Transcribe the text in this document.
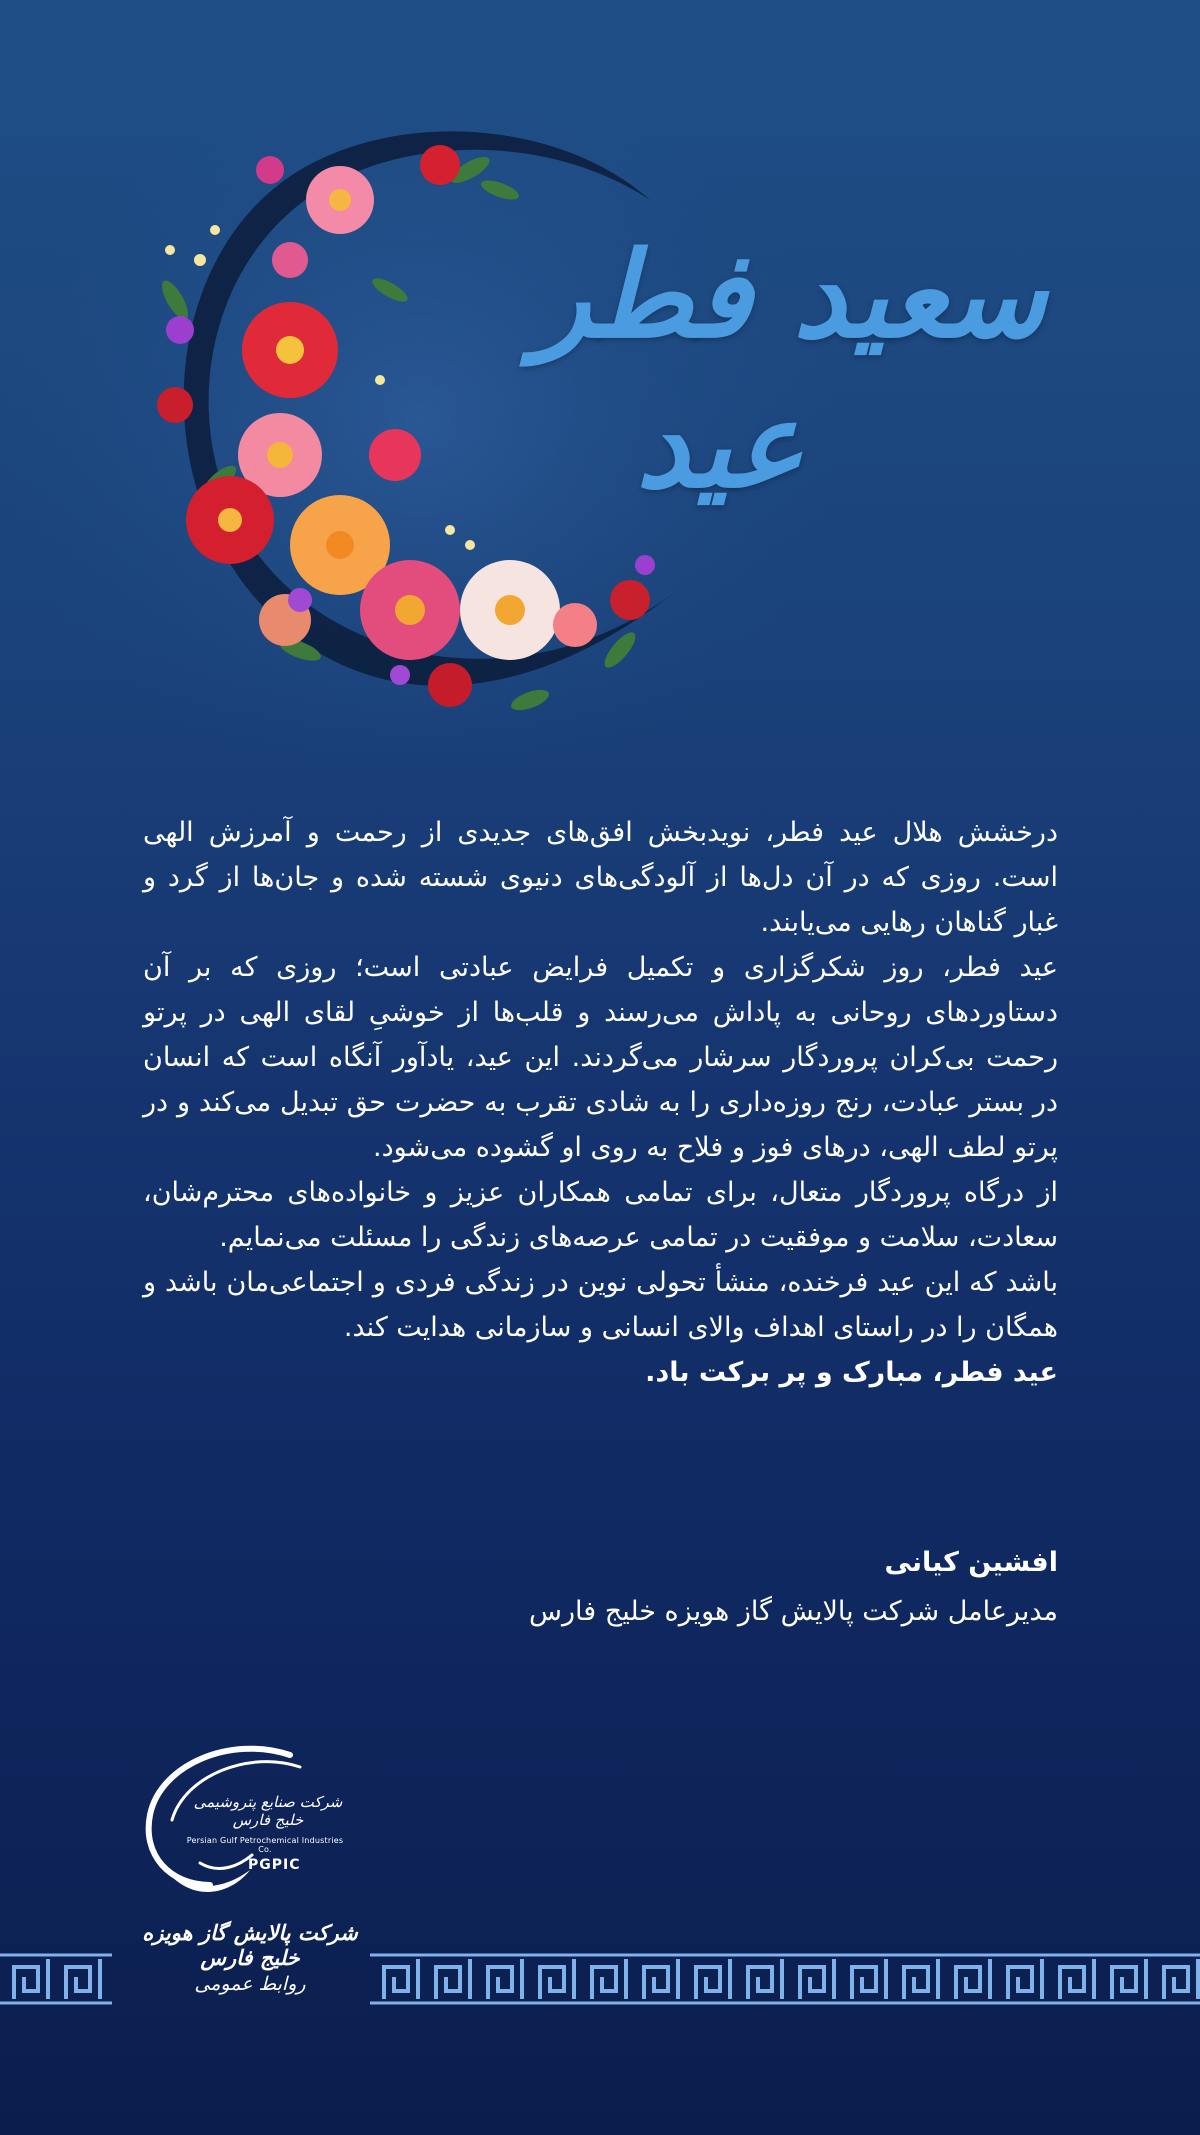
سعید فطر
عید

درخشش هلال عید فطر، نویدبخش افق‌های جدیدی از رحمت و آمرزش الهی است. روزی که در آن دل‌ها از آلودگی‌های دنیوی شسته شده و جان‌ها از گرد و غبار گناهان رهایی می‌یابند.

عید فطر، روز شکرگزاری و تکمیل فرایض عبادتی است؛ روزی که بر آن دستاوردهای روحانی به پاداش می‌رسند و قلب‌ها از خوشیِ لقای الهی در پرتو رحمت بی‌کران پروردگار سرشار می‌گردند. این عید، یادآور آنگاه است که انسان در بستر عبادت، رنج روزه‌داری را به شادی تقرب به حضرت حق تبدیل می‌کند و در پرتو لطف الهی، درهای فوز و فلاح به روی او گشوده می‌شود.

از درگاه پروردگار متعال، برای تمامی همکاران عزیز و خانواده‌های محترم‌شان، سعادت، سلامت و موفقیت در تمامی عرصه‌های زندگی را مسئلت می‌نمایم.

باشد که این عید فرخنده، منشأ تحولی نوین در زندگی فردی و اجتماعی‌مان باشد و همگان را در راستای اهداف والای انسانی و سازمانی هدایت کند.

عید فطر، مبارک و پر برکت باد.

افشین کیانی
مدیرعامل شرکت پالایش گاز هویزه خلیج فارس
شرکت صنایع پتروشیمی خلیج فارس
Persian Gulf Petrochemical Industries Co.
PGPIC
شرکت پالایش گاز هویزه خلیج فارس
روابط عمومی
